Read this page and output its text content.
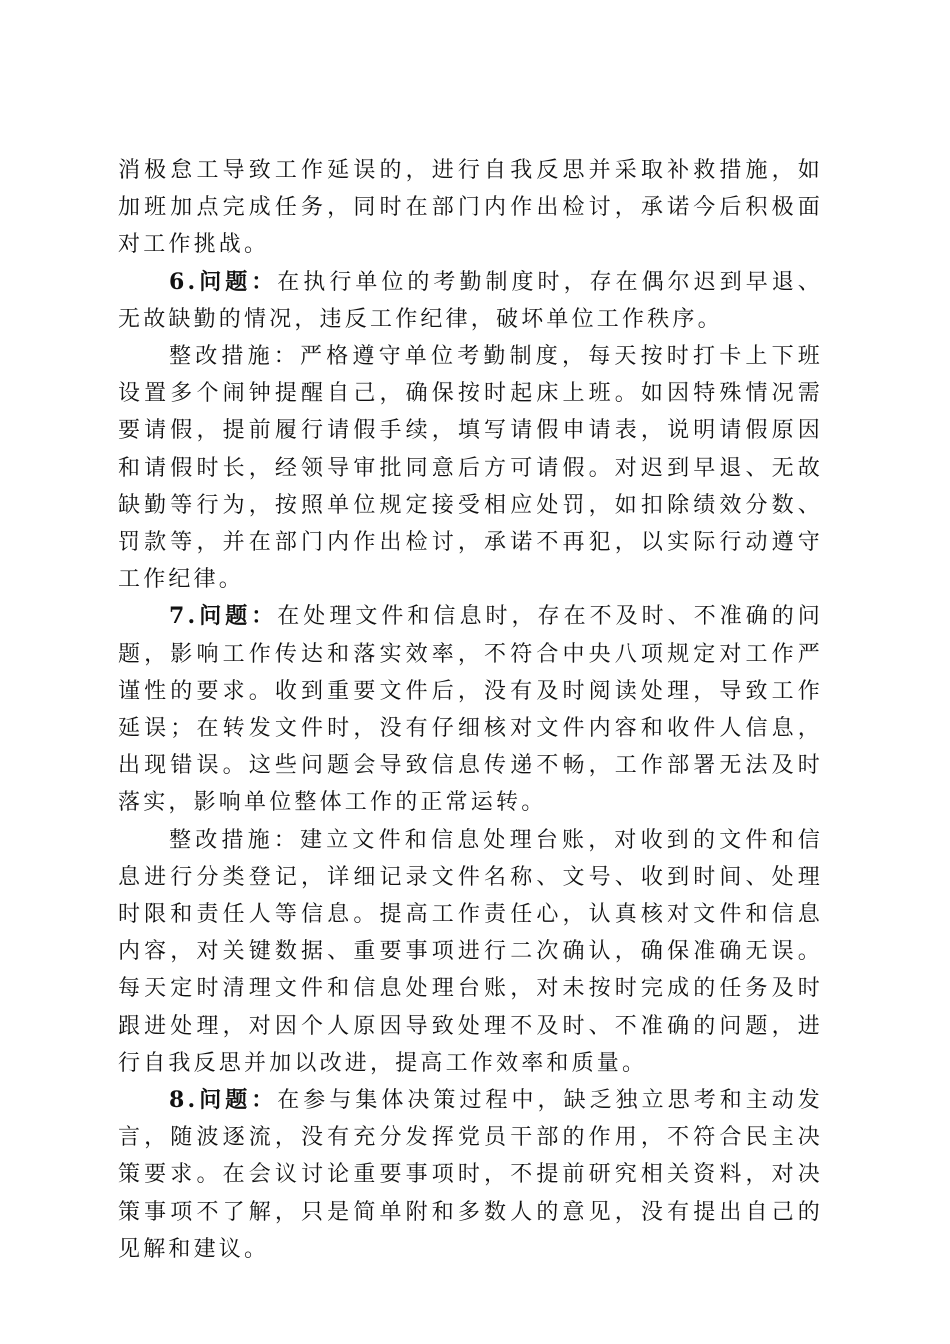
消极怠工导致工作延误的，进行自我反思并采取补救措施，如加班加点完成任务，同时在部门内作出检讨，承诺今后积极面对工作挑战。

6.问题：在执行单位的考勤制度时，存在偶尔迟到早退、无故缺勤的情况，违反工作纪律，破坏单位工作秩序。

整改措施：严格遵守单位考勤制度，每天按时打卡上下班设置多个闹钟提醒自己，确保按时起床上班。如因特殊情况需要请假，提前履行请假手续，填写请假申请表，说明请假原因和请假时长，经领导审批同意后方可请假。对迟到早退、无故缺勤等行为，按照单位规定接受相应处罚，如扣除绩效分数、罚款等，并在部门内作出检讨，承诺不再犯，以实际行动遵守工作纪律。

7.问题：在处理文件和信息时，存在不及时、不准确的问题，影响工作传达和落实效率，不符合中央八项规定对工作严谨性的要求。收到重要文件后，没有及时阅读处理，导致工作延误；在转发文件时，没有仔细核对文件内容和收件人信息，出现错误。这些问题会导致信息传递不畅，工作部署无法及时落实，影响单位整体工作的正常运转。

整改措施：建立文件和信息处理台账，对收到的文件和信息进行分类登记，详细记录文件名称、文号、收到时间、处理时限和责任人等信息。提高工作责任心，认真核对文件和信息内容，对关键数据、重要事项进行二次确认，确保准确无误。每天定时清理文件和信息处理台账，对未按时完成的任务及时跟进处理，对因个人原因导致处理不及时、不准确的问题，进行自我反思并加以改进，提高工作效率和质量。

8.问题：在参与集体决策过程中，缺乏独立思考和主动发言，随波逐流，没有充分发挥党员干部的作用，不符合民主决策要求。在会议讨论重要事项时，不提前研究相关资料，对决策事项不了解，只是简单附和多数人的意见，没有提出自己的见解和建议。
